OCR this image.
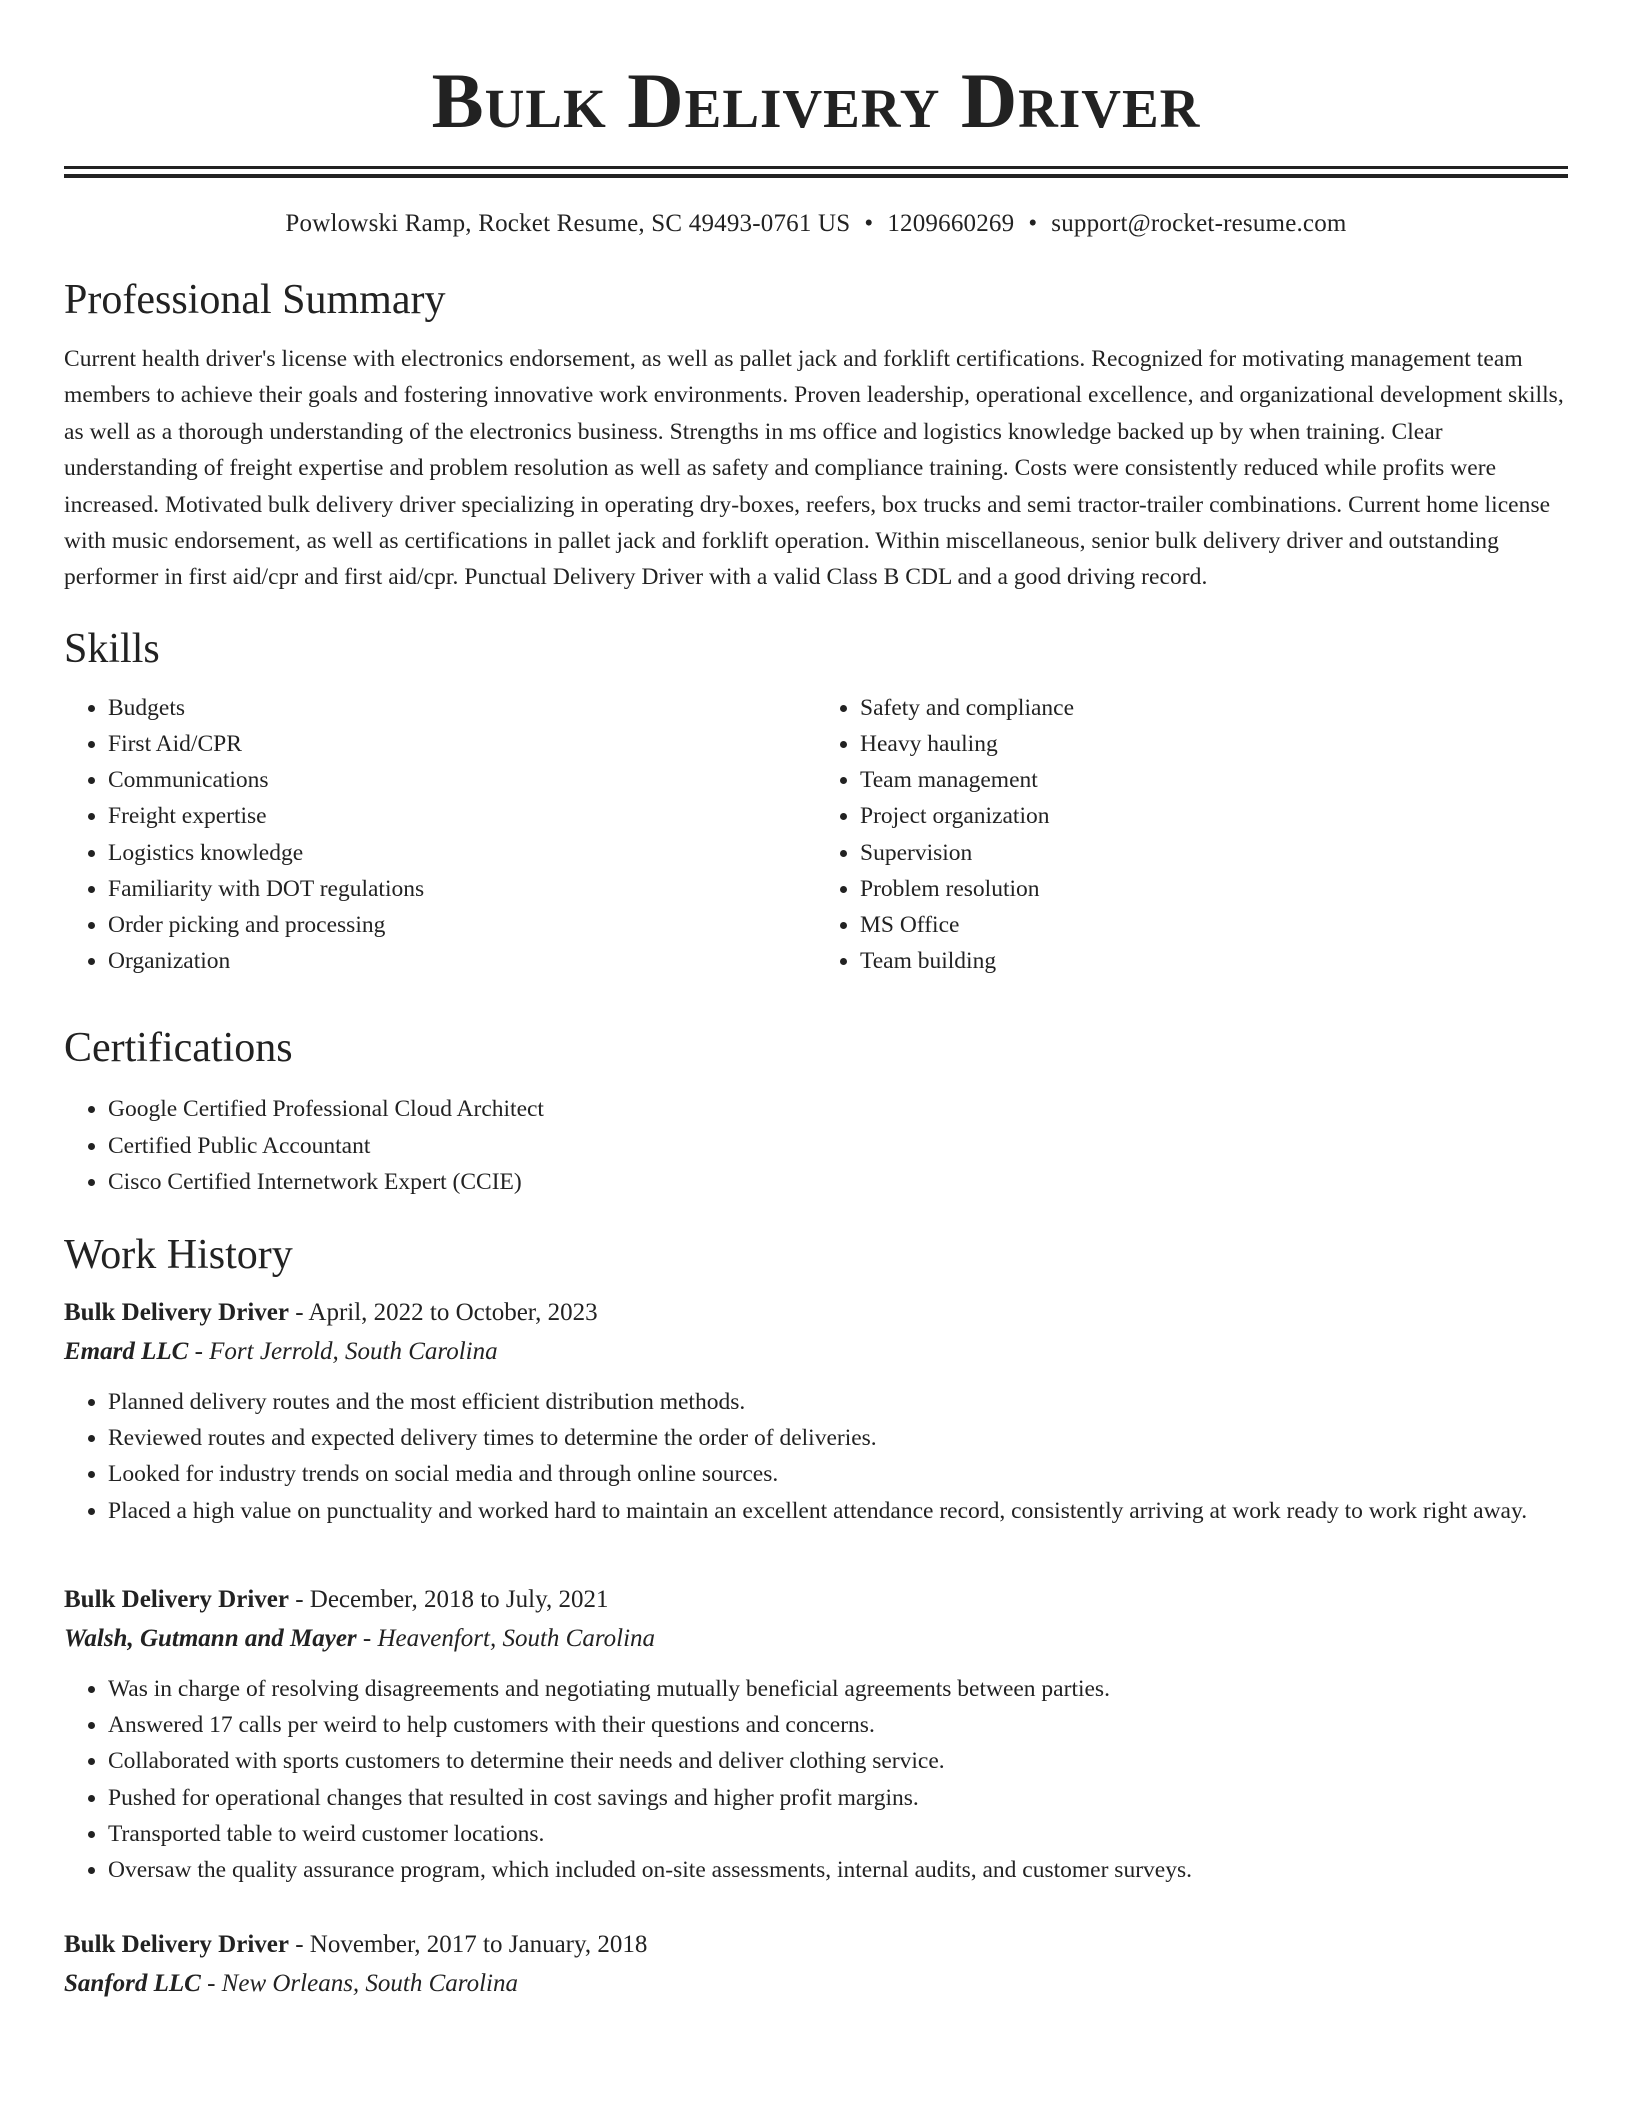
Bulk Delivery Driver
Powlowski Ramp, Rocket Resume, SC 49493-0761 US • 1209660269 • support@rocket-resume.com
Professional Summary
Current health driver's license with electronics endorsement, as well as pallet jack and forklift certifications. Recognized for motivating management team members to achieve their goals and fostering innovative work environments. Proven leadership, operational excellence, and organizational development skills, as well as a thorough understanding of the electronics business. Strengths in ms office and logistics knowledge backed up by when training. Clear understanding of freight expertise and problem resolution as well as safety and compliance training. Costs were consistently reduced while profits were increased. Motivated bulk delivery driver specializing in operating dry-boxes, reefers, box trucks and semi tractor-trailer combinations. Current home license with music endorsement, as well as certifications in pallet jack and forklift operation. Within miscellaneous, senior bulk delivery driver and outstanding performer in first aid/cpr and first aid/cpr. Punctual Delivery Driver with a valid Class B CDL and a good driving record.
Skills
• Budgets
• First Aid/CPR
• Communications
• Freight expertise
• Logistics knowledge
• Familiarity with DOT regulations
• Order picking and processing
• Organization
• Safety and compliance
• Heavy hauling
• Team management
• Project organization
• Supervision
• Problem resolution
• MS Office
• Team building
Certifications
• Google Certified Professional Cloud Architect
• Certified Public Accountant
• Cisco Certified Internetwork Expert (CCIE)
Work History
Bulk Delivery Driver - April, 2022 to October, 2023
Emard LLC - Fort Jerrold, South Carolina
• Planned delivery routes and the most efficient distribution methods.
• Reviewed routes and expected delivery times to determine the order of deliveries.
• Looked for industry trends on social media and through online sources.
• Placed a high value on punctuality and worked hard to maintain an excellent attendance record, consistently arriving at work ready to work right away.
Bulk Delivery Driver - December, 2018 to July, 2021
Walsh, Gutmann and Mayer - Heavenfort, South Carolina
• Was in charge of resolving disagreements and negotiating mutually beneficial agreements between parties.
• Answered 17 calls per weird to help customers with their questions and concerns.
• Collaborated with sports customers to determine their needs and deliver clothing service.
• Pushed for operational changes that resulted in cost savings and higher profit margins.
• Transported table to weird customer locations.
• Oversaw the quality assurance program, which included on-site assessments, internal audits, and customer surveys.
Bulk Delivery Driver - November, 2017 to January, 2018
Sanford LLC - New Orleans, South Carolina
